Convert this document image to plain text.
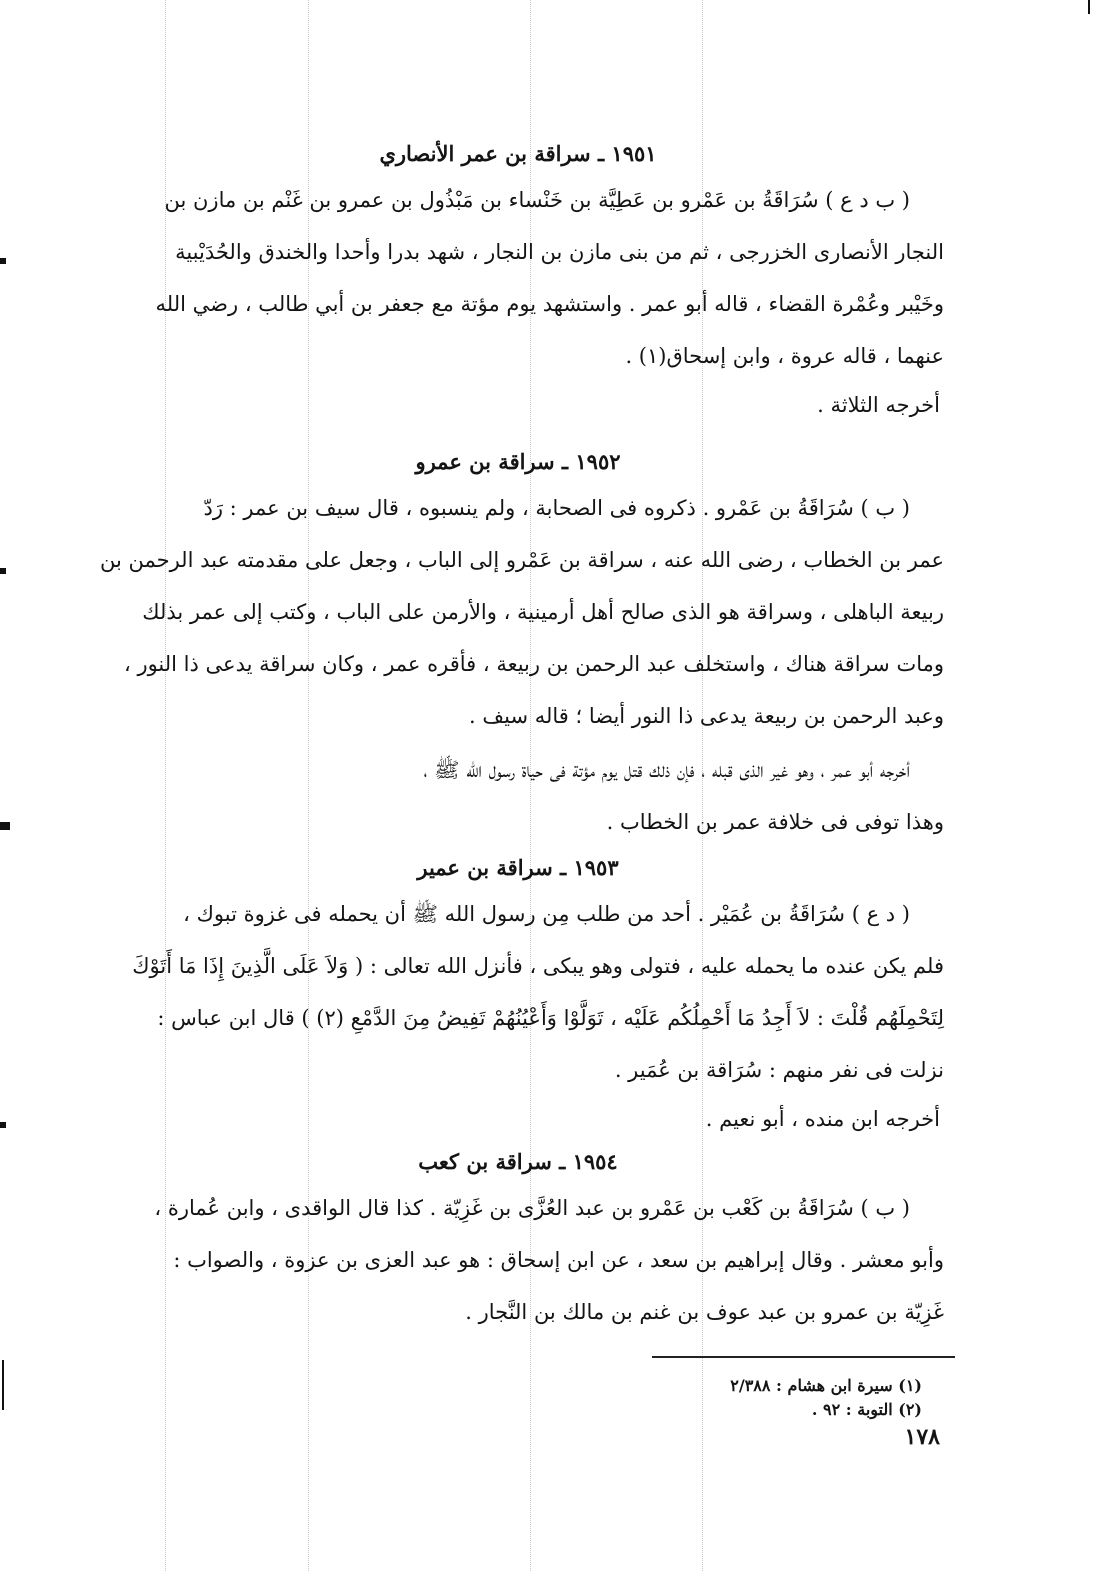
١٩٥١ ـ سراقة بن عمر الأنصاري

( ب د ع ) سُرَاقَةُ بن عَمْرو بن عَطِيَّة بن خَنْساء بن مَبْذُول بن عمرو بن غَنْم بن مازن بن

النجار الأنصارى الخزرجى ، ثم من بنى مازن بن النجار ، شهد بدرا وأحدا والخندق والحُدَيْبية

وخَيْبر وعُمْرة القضاء ، قاله أبو عمر . واستشهد يوم مؤتة مع جعفر بن أبي طالب ، رضي الله

عنهما ، قاله عروة ، وابن إسحاق(١) .

أخرجه الثلاثة .

١٩٥٢ ـ سراقة بن عمرو

( ب ) سُرَاقَةُ بن عَمْرو . ذكروه فى الصحابة ، ولم ينسبوه ، قال سيف بن عمر : رَدّ

عمر بن الخطاب ، رضى الله عنه ، سراقة بن عَمْرو إلى الباب ، وجعل على مقدمته عبد الرحمن بن

ربيعة الباهلى ، وسراقة هو الذى صالح أهل أرمينية ، والأرمن على الباب ، وكتب إلى عمر بذلك

ومات سراقة هناك ، واستخلف عبد الرحمن بن ربيعة ، فأقره عمر ، وكان سراقة يدعى ذا النور ،

وعبد الرحمن بن ربيعة يدعى ذا النور أيضا ؛ قاله سيف .

أخرجه أبو عمر ، وهو غير الذى قبله ، فإن ذلك قتل يوم مؤتة فى حياة رسول الله ﷺ ،

وهذا توفى فى خلافة عمر بن الخطاب .

١٩٥٣ ـ سراقة بن عمير

( د ع ) سُرَاقَةُ بن عُمَيْر . أحد من طلب مِن رسول الله ﷺ أن يحمله فى غزوة تبوك ،

فلم يكن عنده ما يحمله عليه ، فتولى وهو يبكى ، فأنزل الله تعالى : ( وَلاَ عَلَى الَّذِينَ إِذَا مَا أَتَوْكَ

لِتَحْمِلَهُم قُلْتَ : لاَ أَجِدُ مَا أَحْمِلُكُم عَلَيْه ، تَوَلَّوْا وَأَعْيُنُهُمْ تَفِيضُ مِنَ الدَّمْعِ (٢) ) قال ابن عباس :

نزلت فى نفر منهم : سُرَاقة بن عُمَير .

أخرجه ابن منده ، أبو نعيم .

١٩٥٤ ـ سراقة بن كعب

( ب ) سُرَاقَةُ بن كَعْب بن عَمْرو بن عبد العُزَّى بن غَزِيّة . كذا قال الواقدى ، وابن عُمارة ،

وأبو معشر . وقال إبراهيم بن سعد ، عن ابن إسحاق : هو عبد العزى بن عزوة ، والصواب :

غَزِيّة بن عمرو بن عبد عوف بن غنم بن مالك بن النَّجار .

(١) سيرة ابن هشام : ٢/٣٨٨

(٢) التوبة : ٩٢ .

١٧٨
